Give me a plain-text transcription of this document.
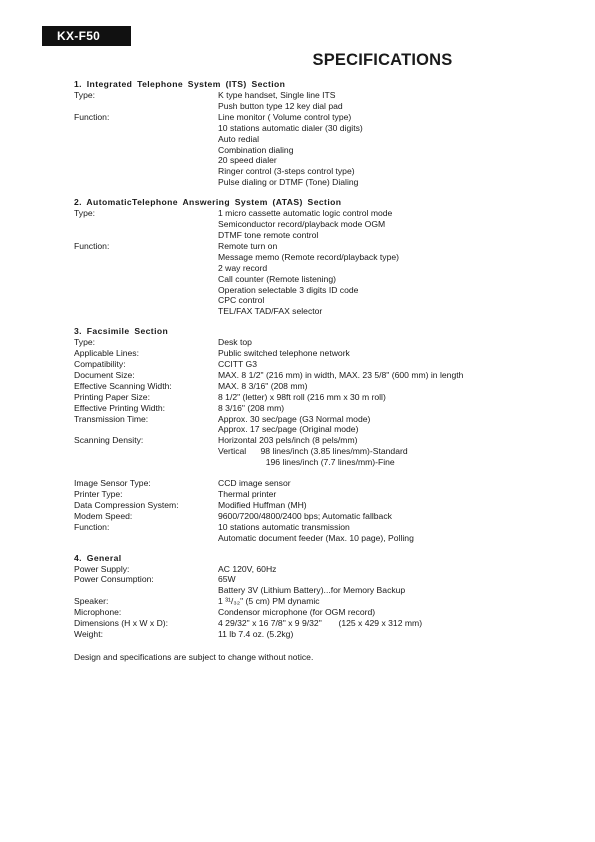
KX-F50
SPECIFICATIONS
1. Integrated Telephone System (ITS) Section
Type:	K type handset, Single line ITS
Push button type 12 key dial pad
Function:	Line monitor ( Volume control type)
10 stations automatic dialer (30 digits)
Auto redial
Combination dialing
20 speed dialer
Ringer control (3-steps control type)
Pulse dialing or DTMF (Tone) Dialing
2. AutomaticTelephone Answering System (ATAS) Section
Type:	1 micro cassette automatic logic control mode
Semiconductor record/playback mode OGM
DTMF tone remote control
Function:	Remote turn on
Message memo (Remote record/playback type)
2 way record
Call counter (Remote listening)
Operation selectable 3 digits ID code
CPC control
TEL/FAX TAD/FAX selector
3. Facsimile Section
Type:	Desk top
Applicable Lines:	Public switched telephone network
Compatibility:	CCITT G3
Document Size:	MAX. 8 1/2" (216 mm) in width, MAX. 23 5/8" (600 mm) in length
Effective Scanning Width:	MAX. 8 3/16" (208 mm)
Printing Paper Size:	8 1/2" (letter) x 98ft roll (216 mm x 30 m roll)
Effective Printing Width:	8 3/16" (208 mm)
Transmission Time:	Approx. 30 sec/page (G3 Normal mode)
Approx. 17 sec/page (Original mode)
Scanning Density:	Horizontal 203 pels/inch (8 pels/mm)
Vertical      98 lines/inch (3.85 lines/mm)-Standard
196 lines/inch (7.7 lines/mm)-Fine
Image Sensor Type:	CCD image sensor
Printer Type:	Thermal printer
Data Compression System:	Modified Huffman (MH)
Modem Speed:	9600/7200/4800/2400 bps; Automatic fallback
Function:	10 stations automatic transmission
Automatic document feeder (Max. 10 page), Polling
4. General
Power Supply:	AC 120V, 60Hz
Power Consumption:	65W
Battery 3V (Lithium Battery)...for Memory Backup
Speaker:	1 ³¹/₃₂" (5 cm) PM dynamic
Microphone:	Condensor microphone (for OGM record)
Dimensions (H x W x D):	4 29/32" x 16 7/8" x 9 9/32"       (125 x 429 x 312 mm)
Weight:	11 lb 7.4 oz. (5.2kg)
Design and specifications are subject to change without notice.
